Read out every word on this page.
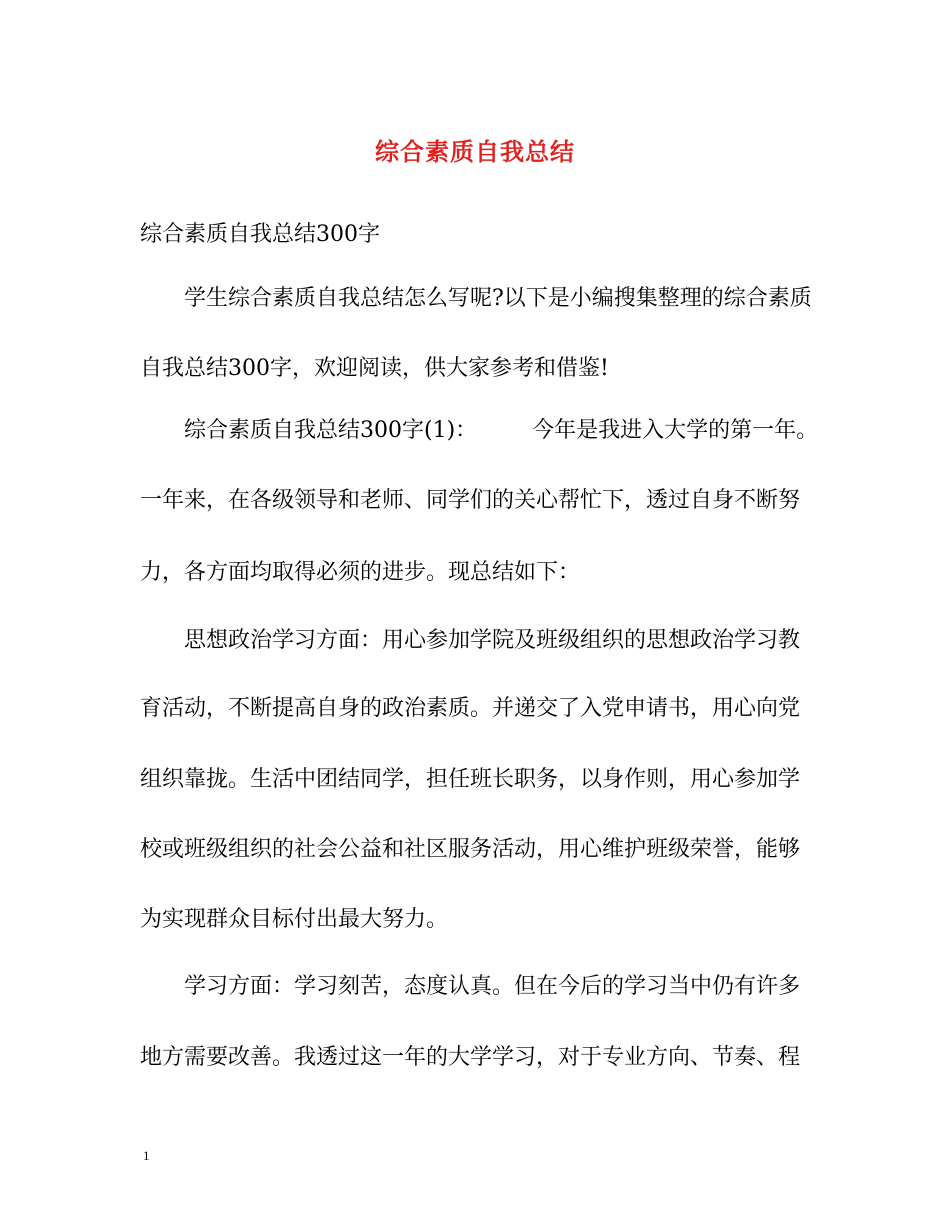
综合素质自我总结
综合素质自我总结300字
　　学生综合素质自我总结怎么写呢?以下是小编搜集整理的综合素质
自我总结300字，欢迎阅读，供大家参考和借鉴!
　　综合素质自我总结300字(1)：　　　今年是我进入大学的第一年。
一年来，在各级领导和老师、同学们的关心帮忙下，透过自身不断努
力，各方面均取得必须的进步。现总结如下：
　　思想政治学习方面：用心参加学院及班级组织的思想政治学习教
育活动，不断提高自身的政治素质。并递交了入党申请书，用心向党
组织靠拢。生活中团结同学，担任班长职务，以身作则，用心参加学
校或班级组织的社会公益和社区服务活动，用心维护班级荣誉，能够
为实现群众目标付出最大努力。
　　学习方面：学习刻苦，态度认真。但在今后的学习当中仍有许多
地方需要改善。我透过这一年的大学学习，对于专业方向、节奏、程
1
